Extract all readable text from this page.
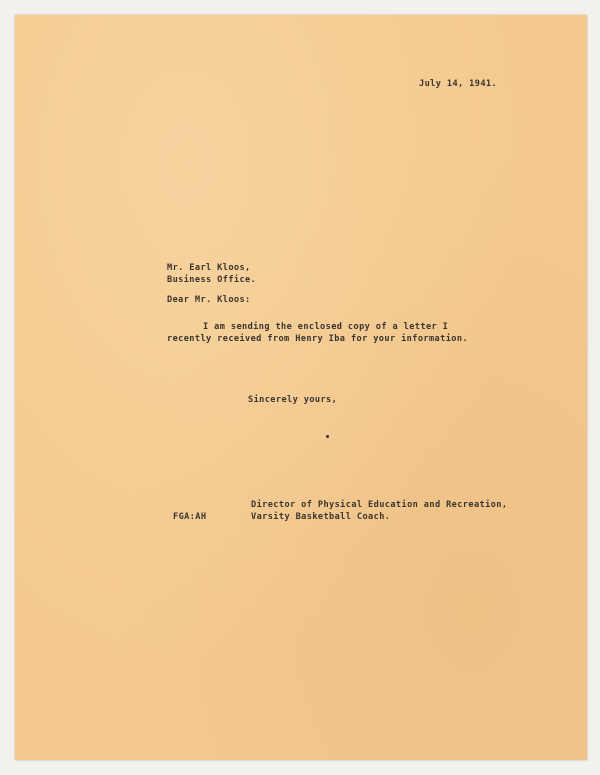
July 14, 1941.
Mr. Earl Kloos,
Business Office.
Dear Mr. Kloos:
I am sending the enclosed copy of a letter I
recently received from Henry Iba for your information.
Sincerely yours,
Director of Physical Education and Recreation,
Varsity Basketball Coach.
FGA:AH
